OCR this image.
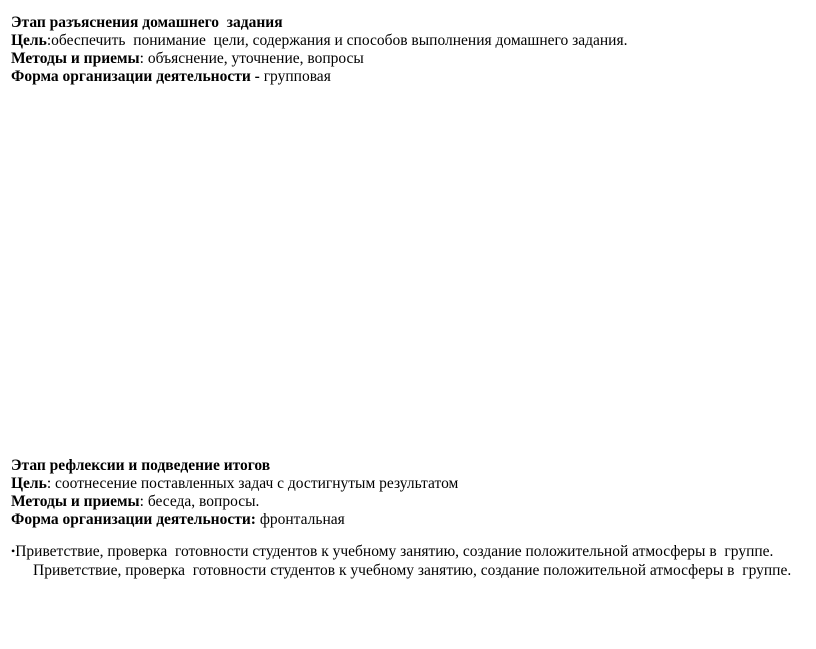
Этап разъяснения домашнего  задания
Цель:обеспечить  понимание  цели, содержания и способов выполнения домашнего задания.
Методы и приемы: объяснение, уточнение, вопросы
Форма организации деятельности - групповая
Этап рефлексии и подведение итогов
Цель: соотнесение поставленных задач с достигнутым результатом
Методы и приемы: беседа, вопросы.
Форма организации деятельности: фронтальная
•Приветствие, проверка  готовности студентов к учебному занятию, создание положительной атмосферы в  группе.
Приветствие, проверка  готовности студентов к учебному занятию, создание положительной атмосферы в  группе.
